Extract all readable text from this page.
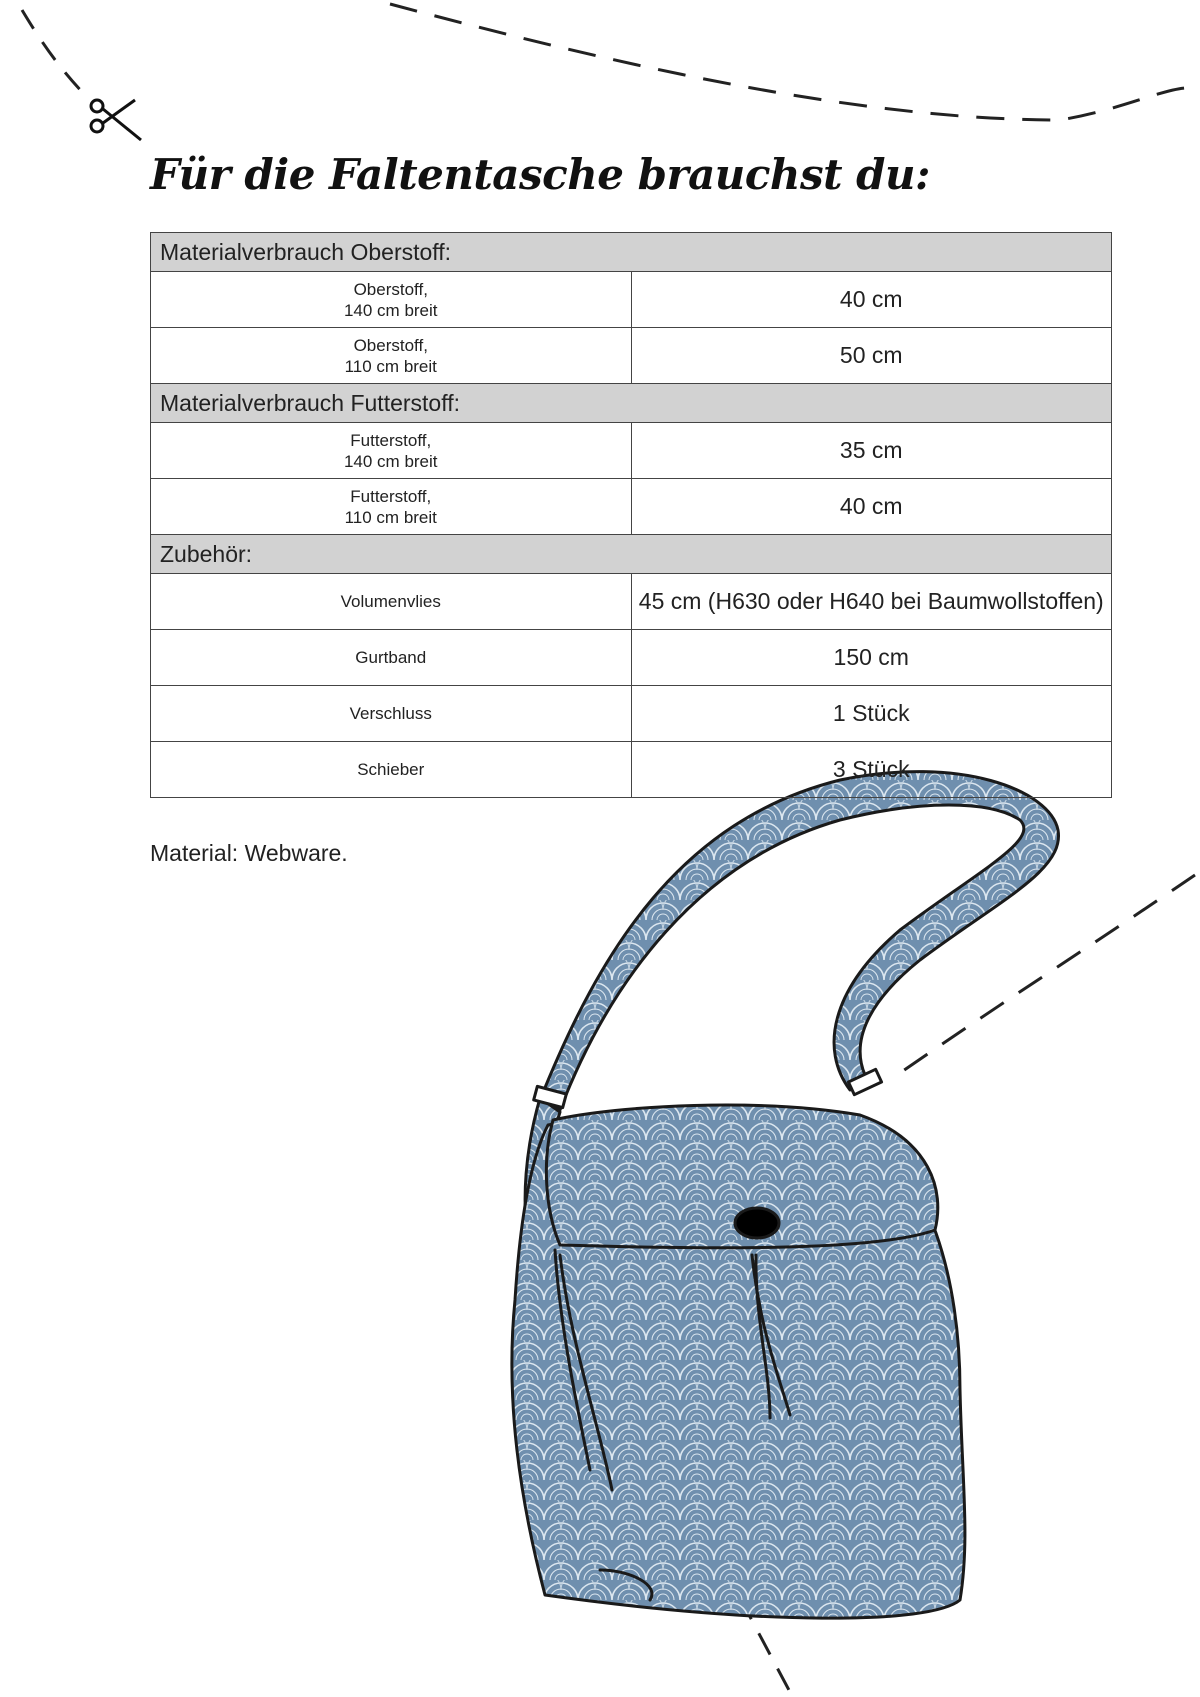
Für die Faltentasche brauchst du:
Materialverbrauch Oberstoff:	
Oberstoff,
140 cm breit	40 cm
Oberstoff,
110 cm breit	50 cm
Materialverbrauch Futterstoff:	
Futterstoff,
140 cm breit	35 cm
Futterstoff,
110 cm breit	40 cm
Zubehör:	
Volumenvlies	45 cm (H630 oder H640 bei Baumwollstoffen)
Gurtband	150 cm
Verschluss	1 Stück
Schieber	3 Stück

Material: Webware.
